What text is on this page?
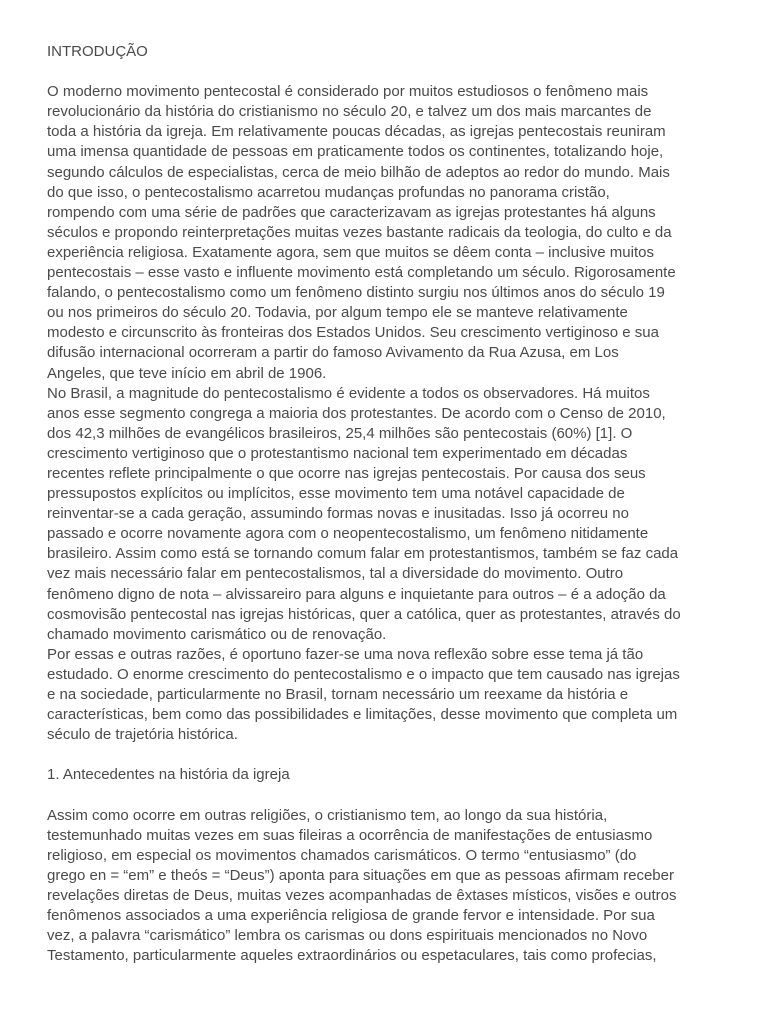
INTRODUÇÃO

O moderno movimento pentecostal é considerado por muitos estudiosos o fenômeno mais

revolucionário da história do cristianismo no século 20, e talvez um dos mais marcantes de

toda a história da igreja. Em relativamente poucas décadas, as igrejas pentecostais reuniram

uma imensa quantidade de pessoas em praticamente todos os continentes, totalizando hoje,

segundo cálculos de especialistas, cerca de meio bilhão de adeptos ao redor do mundo. Mais

do que isso, o pentecostalismo acarretou mudanças profundas no panorama cristão,

rompendo com uma série de padrões que caracterizavam as igrejas protestantes há alguns

séculos e propondo reinterpretações muitas vezes bastante radicais da teologia, do culto e da

experiência religiosa. Exatamente agora, sem que muitos se dêem conta – inclusive muitos

pentecostais – esse vasto e influente movimento está completando um século. Rigorosamente

falando, o pentecostalismo como um fenômeno distinto surgiu nos últimos anos do século 19

ou nos primeiros do século 20. Todavia, por algum tempo ele se manteve relativamente

modesto e circunscrito às fronteiras dos Estados Unidos. Seu crescimento vertiginoso e sua

difusão internacional ocorreram a partir do famoso Avivamento da Rua Azusa, em Los

Angeles, que teve início em abril de 1906.

No Brasil, a magnitude do pentecostalismo é evidente a todos os observadores. Há muitos

anos esse segmento congrega a maioria dos protestantes. De acordo com o Censo de 2010,

dos 42,3 milhões de evangélicos brasileiros, 25,4 milhões são pentecostais (60%) [1]. O

crescimento vertiginoso que o protestantismo nacional tem experimentado em décadas

recentes reflete principalmente o que ocorre nas igrejas pentecostais. Por causa dos seus

pressupostos explícitos ou implícitos, esse movimento tem uma notável capacidade de

reinventar-se a cada geração, assumindo formas novas e inusitadas. Isso já ocorreu no

passado e ocorre novamente agora com o neopentecostalismo, um fenômeno nitidamente

brasileiro. Assim como está se tornando comum falar em protestantismos, também se faz cada

vez mais necessário falar em pentecostalismos, tal a diversidade do movimento. Outro

fenômeno digno de nota – alvissareiro para alguns e inquietante para outros – é a adoção da

cosmovisão pentecostal nas igrejas históricas, quer a católica, quer as protestantes, através do

chamado movimento carismático ou de renovação.

Por essas e outras razões, é oportuno fazer-se uma nova reflexão sobre esse tema já tão

estudado. O enorme crescimento do pentecostalismo e o impacto que tem causado nas igrejas

e na sociedade, particularmente no Brasil, tornam necessário um reexame da história e

características, bem como das possibilidades e limitações, desse movimento que completa um

século de trajetória histórica.

1. Antecedentes na história da igreja

Assim como ocorre em outras religiões, o cristianismo tem, ao longo da sua história,

testemunhado muitas vezes em suas fileiras a ocorrência de manifestações de entusiasmo

religioso, em especial os movimentos chamados carismáticos. O termo “entusiasmo” (do

grego en = “em” e theós = “Deus”) aponta para situações em que as pessoas afirmam receber

revelações diretas de Deus, muitas vezes acompanhadas de êxtases místicos, visões e outros

fenômenos associados a uma experiência religiosa de grande fervor e intensidade. Por sua

vez, a palavra “carismático” lembra os carismas ou dons espirituais mencionados no Novo

Testamento, particularmente aqueles extraordinários ou espetaculares, tais como profecias,
